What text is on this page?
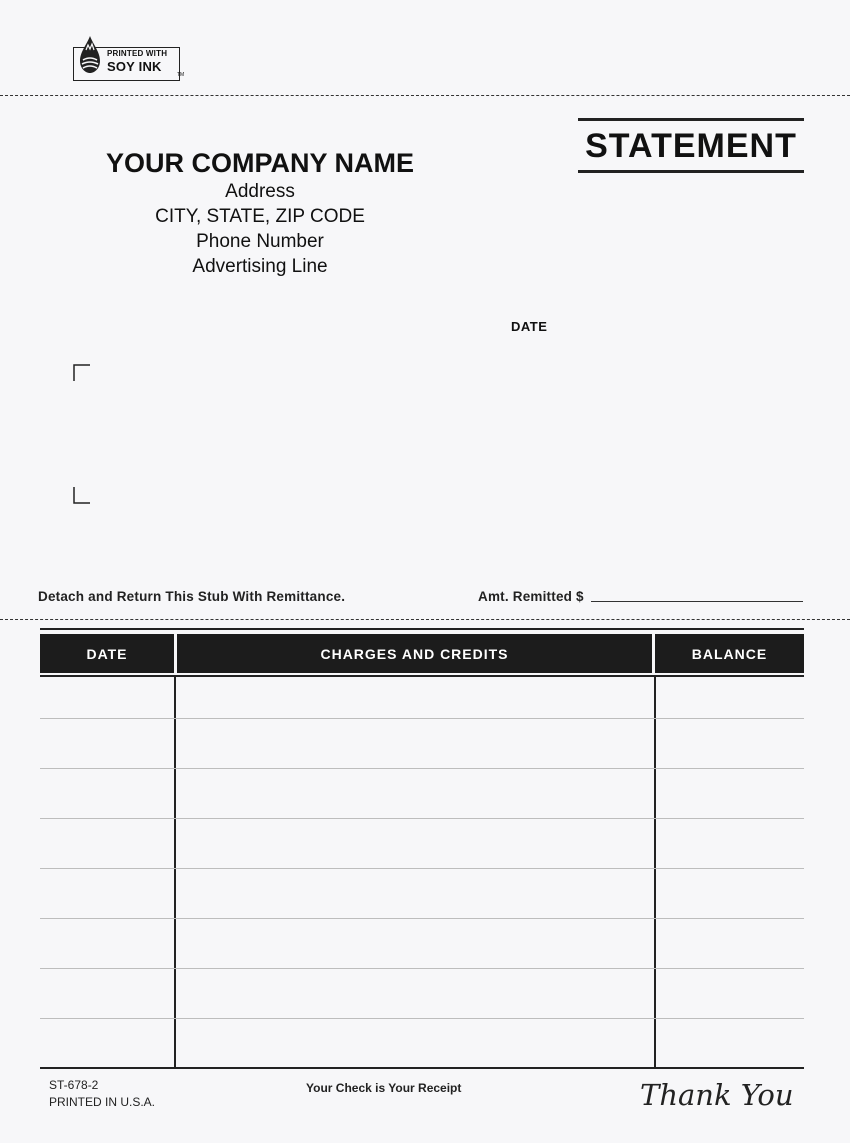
PRINTED WITH
SOY INK
TM
STATEMENT
YOUR COMPANY NAME
Address
CITY, STATE, ZIP CODE
Phone Number
Advertising Line
DATE
Detach and Return This Stub With Remittance.	Amt. Remitted $
DATE	CHARGES AND CREDITS	BALANCE
ST-678-2
PRINTED IN U.S.A.
Your Check is Your Receipt	Thank You
